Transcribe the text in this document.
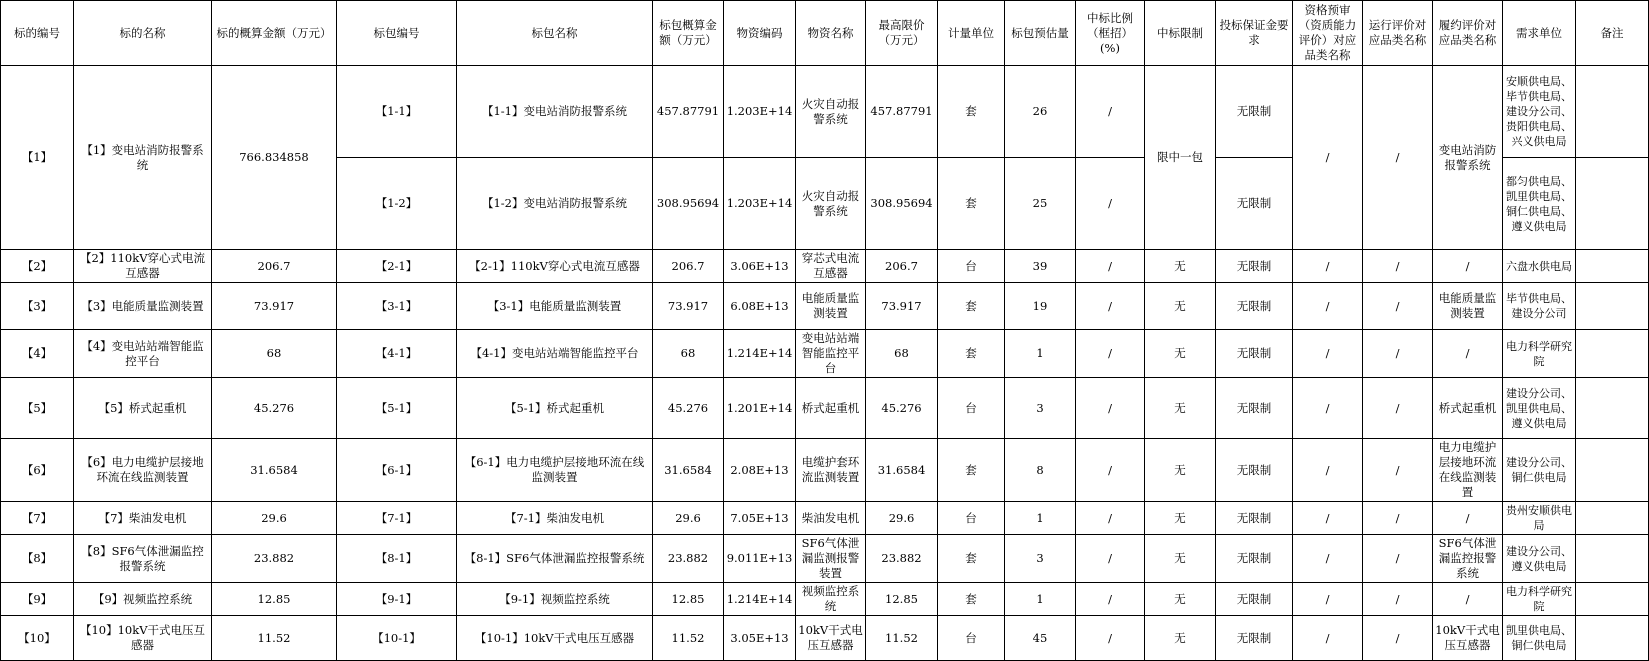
标的编号	标的名称	标的概算金额（万元）	标包编号	标包名称	标包概算金额（万元）	物资编码	物资名称	最高限价（万元）	计量单位	标包预估量	中标比例（框招）(%)	中标限制	投标保证金要求	资格预审（资质能力评价）对应品类名称	运行评价对应品类名称	履约评价对应品类名称	需求单位	备注
【1】	【1】变电站消防报警系统	766.834858	【1-1】	【1-1】变电站消防报警系统	457.87791	1.203E+14	火灾自动报警系统	457.87791	套	26	/	限中一包	无限制	/	/	变电站消防报警系统	安顺供电局、毕节供电局、建设分公司、贵阳供电局、兴义供电局	
			【1-2】	【1-2】变电站消防报警系统	308.95694	1.203E+14	火灾自动报警系统	308.95694	套	25	/		无限制				都匀供电局、凯里供电局、铜仁供电局、遵义供电局	
【2】	【2】110kV穿心式电流互感器	206.7	【2-1】	【2-1】110kV穿心式电流互感器	206.7	3.06E+13	穿芯式电流互感器	206.7	台	39	/	无	无限制	/	/	/	六盘水供电局	
【3】	【3】电能质量监测装置	73.917	【3-1】	【3-1】电能质量监测装置	73.917	6.08E+13	电能质量监测装置	73.917	套	19	/	无	无限制	/	/	电能质量监测装置	毕节供电局、建设分公司	
【4】	【4】变电站站端智能监控平台	68	【4-1】	【4-1】变电站站端智能监控平台	68	1.214E+14	变电站站端智能监控平台	68	套	1	/	无	无限制	/	/	/	电力科学研究院	
【5】	【5】桥式起重机	45.276	【5-1】	【5-1】桥式起重机	45.276	1.201E+14	桥式起重机	45.276	台	3	/	无	无限制	/	/	桥式起重机	建设分公司、凯里供电局、遵义供电局	
【6】	【6】电力电缆护层接地环流在线监测装置	31.6584	【6-1】	【6-1】电力电缆护层接地环流在线监测装置	31.6584	2.08E+13	电缆护套环流监测装置	31.6584	套	8	/	无	无限制	/	/	电力电缆护层接地环流在线监测装置	建设分公司、铜仁供电局	
【7】	【7】柴油发电机	29.6	【7-1】	【7-1】柴油发电机	29.6	7.05E+13	柴油发电机	29.6	台	1	/	无	无限制	/	/	/	贵州安顺供电局	
【8】	【8】SF6气体泄漏监控报警系统	23.882	【8-1】	【8-1】SF6气体泄漏监控报警系统	23.882	9.011E+13	SF6气体泄漏监测报警装置	23.882	套	3	/	无	无限制	/	/	SF6气体泄漏监控报警系统	建设分公司、遵义供电局	
【9】	【9】视频监控系统	12.85	【9-1】	【9-1】视频监控系统	12.85	1.214E+14	视频监控系统	12.85	套	1	/	无	无限制	/	/	/	电力科学研究院	
【10】	【10】10kV干式电压互感器	11.52	【10-1】	【10-1】10kV干式电压互感器	11.52	3.05E+13	10kV干式电压互感器	11.52	台	45	/	无	无限制	/	/	10kV干式电压互感器	凯里供电局、铜仁供电局	
